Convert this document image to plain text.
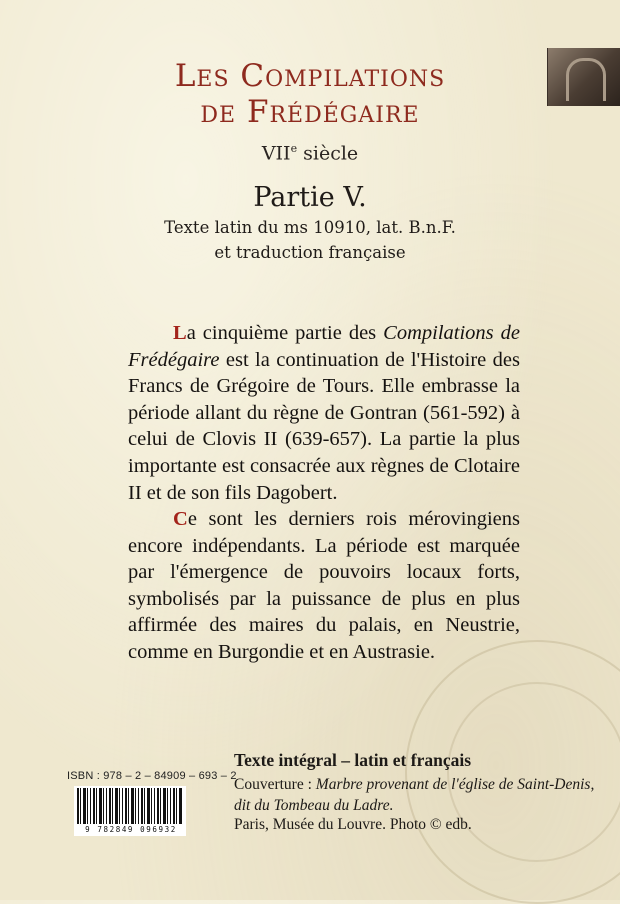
Les Compilations
de Frédégaire
VIIe siècle
Partie V.
Texte latin du ms 10910, lat. B.n.F.
et traduction française
La cinquième partie des Compilations de Frédégaire est la continuation de l'Histoire des Francs de Grégoire de Tours. Elle embrasse la période allant du règne de Gontran (561-592) à celui de Clovis II (639-657). La partie la plus importante est consacrée aux règnes de Clotaire II et de son fils Dagobert.
Ce sont les derniers rois mérovingiens encore indépendants. La période est marquée par l'émergence de pouvoirs locaux forts, symbolisés par la puissance de plus en plus affirmée des maires du palais, en Neustrie, comme en Burgondie et en Austrasie.
Texte intégral – latin et français
Couverture : Marbre provenant de l'église de Saint-Denis,
dit du Tombeau du Ladre.
Paris, Musée du Louvre. Photo © edb.
ISBN : 978 – 2 – 84909 – 693 – 2
9 782849 096932
